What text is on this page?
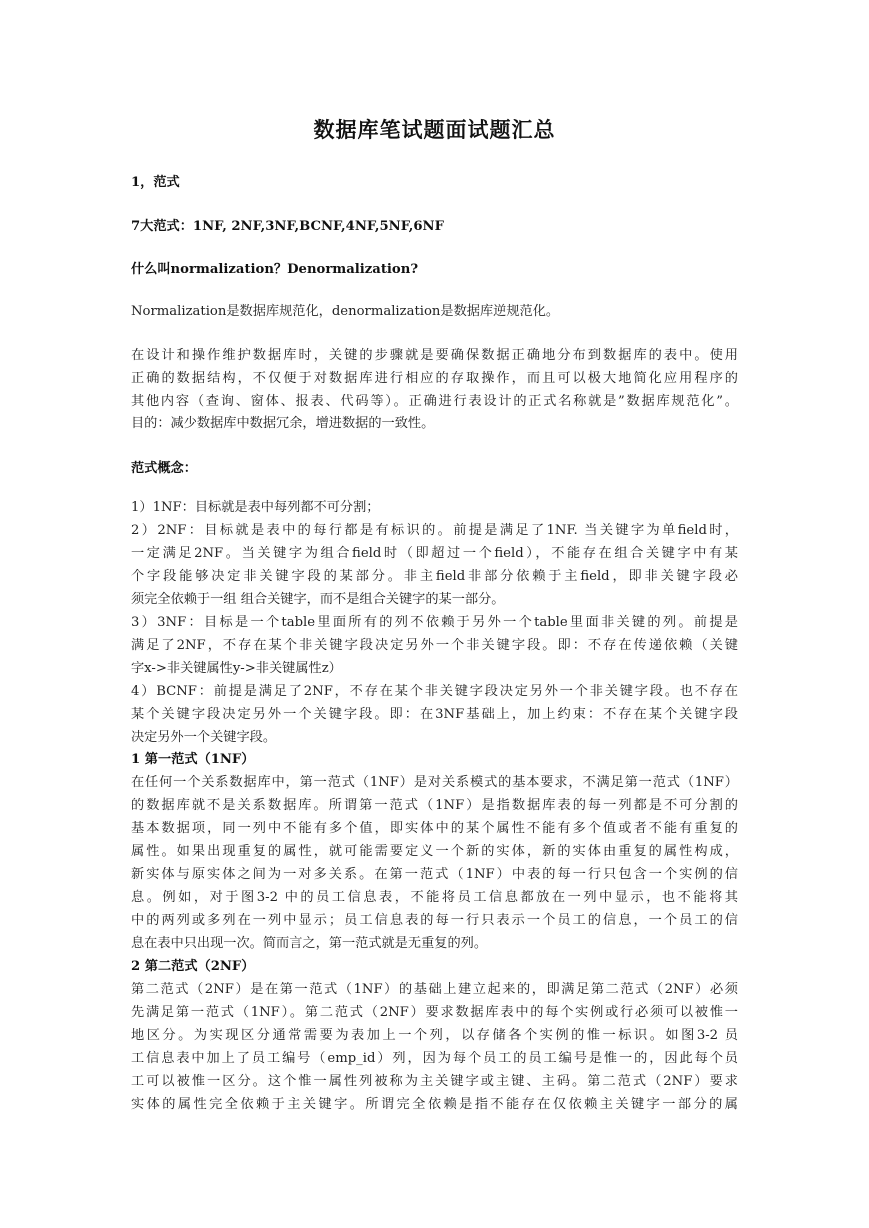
数据库笔试题面试题汇总
1，范式
7大范式：1NF, 2NF,3NF,BCNF,4NF,5NF,6NF
什么叫normalization？Denormalization?
Normalization是数据库规范化，denormalization是数据库逆规范化。
在设计和操作维护数据库时，关键的步骤就是要确保数据正确地分布到数据库的表中。使用
正确的数据结构，不仅便于对数据库进行相应的存取操作，而且可以极大地简化应用程序的
其他内容（查询、窗体、报表、代码等）。正确进行表设计的正式名称就是”数据库规范化”。
目的：减少数据库中数据冗余，增进数据的一致性。
范式概念：
1）1NF：目标就是表中每列都不可分割；
2）2NF：目标就是表中的每行都是有标识的。前提是满足了1NF. 当关键字为单field时，
一定满足2NF。当关键字为组合field时（即超过一个field），不能存在组合关键字中有某
个字段能够决定非关键字段的某部分。非主field非部分依赖于主field，即非关键字段必
须完全依赖于一组 组合关键字，而不是组合关键字的某一部分。
3）3NF：目标是一个table里面所有的列不依赖于另外一个table里面非关键的列。前提是
满足了2NF，不存在某个非关键字段决定另外一个非关键字段。即：不存在传递依赖（关键
字x->非关键属性y->非关键属性z）
4）BCNF：前提是满足了2NF，不存在某个非关键字段决定另外一个非关键字段。也不存在
某个关键字段决定另外一个关键字段。即：在3NF基础上，加上约束：不存在某个关键字段
决定另外一个关键字段。
1 第一范式（1NF）
在任何一个关系数据库中，第一范式（1NF）是对关系模式的基本要求，不满足第一范式（1NF）
的数据库就不是关系数据库。所谓第一范式（1NF）是指数据库表的每一列都是不可分割的
基本数据项，同一列中不能有多个值，即实体中的某个属性不能有多个值或者不能有重复的
属性。如果出现重复的属性，就可能需要定义一个新的实体，新的实体由重复的属性构成，
新实体与原实体之间为一对多关系。在第一范式（1NF）中表的每一行只包含一个实例的信
息。例如，对于图3-2 中的员工信息表，不能将员工信息都放在一列中显示，也不能将其
中的两列或多列在一列中显示；员工信息表的每一行只表示一个员工的信息，一个员工的信
息在表中只出现一次。简而言之，第一范式就是无重复的列。
2 第二范式（2NF）
第二范式（2NF）是在第一范式（1NF）的基础上建立起来的，即满足第二范式（2NF）必须
先满足第一范式（1NF）。第二范式（2NF）要求数据库表中的每个实例或行必须可以被惟一
地区分。为实现区分通常需要为表加上一个列，以存储各个实例的惟一标识。如图3-2 员
工信息表中加上了员工编号（emp_id）列，因为每个员工的员工编号是惟一的，因此每个员
工可以被惟一区分。这个惟一属性列被称为主关键字或主键、主码。第二范式（2NF）要求
实体的属性完全依赖于主关键字。所谓完全依赖是指不能存在仅依赖主关键字一部分的属
